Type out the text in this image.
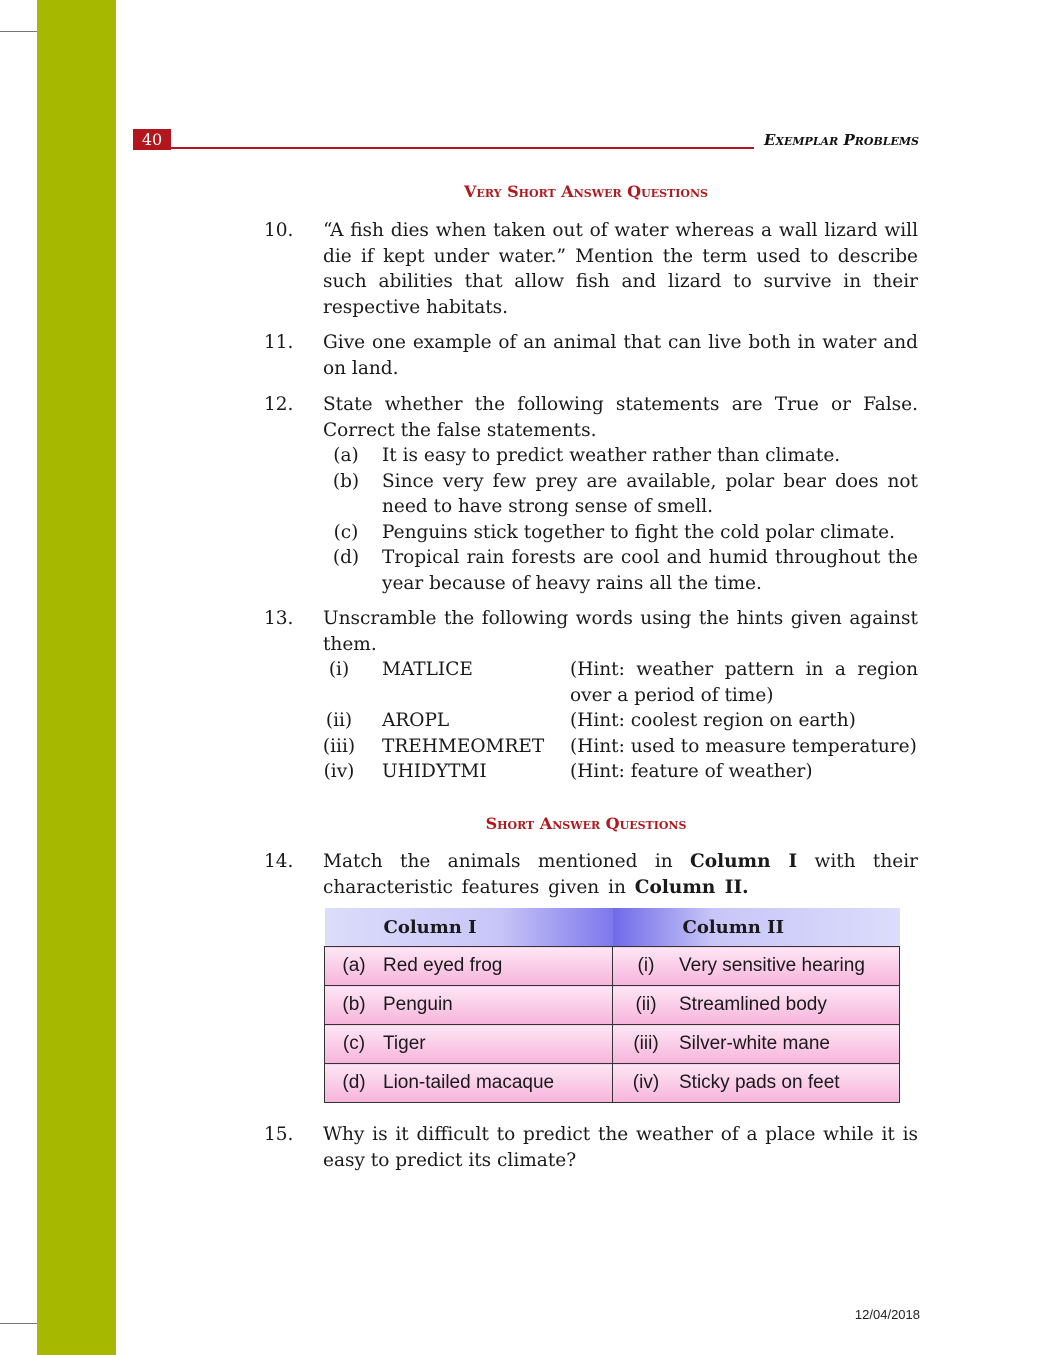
40	Exemplar Problems
Very Short Answer Questions
10.	“A fish dies when taken out of water whereas a wall lizard will die if kept under water.” Mention the term used to describe such abilities that allow fish and lizard to survive in their respective habitats.
11.	Give one example of an animal that can live both in water and on land.
12.	State whether the following statements are True or False. Correct the false statements.
(a)	It is easy to predict weather rather than climate.
(b)	Since very few prey are available, polar bear does not need to have strong sense of smell.
(c)	Penguins stick together to fight the cold polar climate.
(d)	Tropical rain forests are cool and humid throughout the year because of heavy rains all the time.
13.	Unscramble the following words using the hints given against them.
(i)	MATLICE	(Hint: weather pattern in a region over a period of time)
(ii)	AROPL	(Hint: coolest region on earth)
(iii) TREHMEOMRET (Hint: used to measure temperature)
(iv) UHIDYTMI	(Hint: feature of weather)
Short Answer Questions
14.	Match the animals mentioned in Column I with their characteristic features given in Column II.
Column I	Column II

(a) Red eyed frog	(i) Very sensitive hearing

(b) Penguin	(ii) Streamlined body

(c) Tiger	(iii) Silver-white mane

(d) Lion-tailed macaque	(iv) Sticky pads on feet
15.	Why is it difficult to predict the weather of a place while it is easy to predict its climate?
12/04/2018
